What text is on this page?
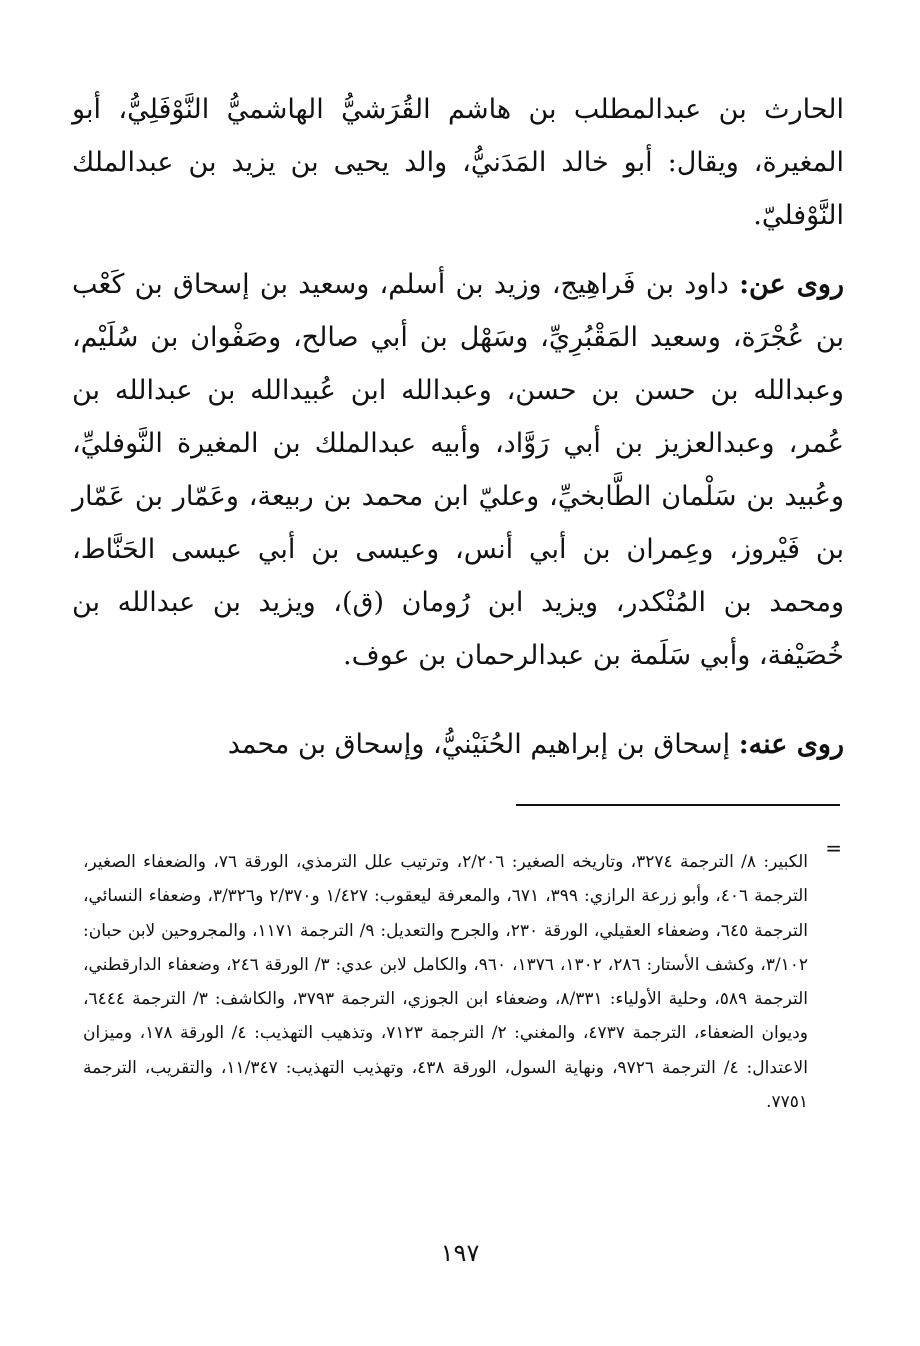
الحارث بن عبدالمطلب بن هاشم القُرَشيُّ الهاشميُّ النَّوْفَلِيُّ، أبو المغيرة، ويقال: أبو خالد المَدَنيُّ، والد يحيى بن يزيد بن عبدالملك النَّوْفليّ.

روى عن: داود بن فَراهِيج، وزيد بن أسلم، وسعيد بن إسحاق بن كَعْب بن عُجْرَة، وسعيد المَقْبُرِيِّ، وسَهْل بن أبي صالح، وصَفْوان بن سُلَيْم، وعبدالله بن حسن بن حسن، وعبدالله ابن عُبيدالله بن عبدالله بن عُمر، وعبدالعزيز بن أبي رَوَّاد، وأبيه عبدالملك بن المغيرة النَّوفليِّ، وعُبيد بن سَلْمان الطَّابخيِّ، وعليّ ابن محمد بن ربيعة، وعَمّار بن عَمّار بن فَيْروز، وعِمران بن أبي أنس، وعيسى بن أبي عيسى الحَنَّاط، ومحمد بن المُنْكدر، ويزيد ابن رُومان (ق)، ويزيد بن عبدالله بن خُصَيْفة، وأبي سَلَمة بن عبدالرحمان بن عوف.

روى عنه: إسحاق بن إبراهيم الحُنَيْنيُّ، وإسحاق بن محمد

=

الكبير: ٨/ الترجمة ٣٢٧٤، وتاريخه الصغير: ٢/٢٠٦، وترتيب علل الترمذي، الورقة ٧٦، والضعفاء الصغير، الترجمة ٤٠٦، وأبو زرعة الرازي: ٣٩٩، ٦٧١، والمعرفة ليعقوب: ١/٤٢٧ و٢/٣٧٠ و٣/٣٢٦، وضعفاء النسائي، الترجمة ٦٤٥، وضعفاء العقيلي، الورقة ٢٣٠، والجرح والتعديل: ٩/ الترجمة ١١٧١، والمجروحين لابن حبان: ٣/١٠٢، وكشف الأستار: ٢٨٦، ١٣٠٢، ١٣٧٦، ٩٦٠، والكامل لابن عدي: ٣/ الورقة ٢٤٦، وضعفاء الدارقطني، الترجمة ٥٨٩، وحلية الأولياء: ٨/٣٣١، وضعفاء ابن الجوزي، الترجمة ٣٧٩٣، والكاشف: ٣/ الترجمة ٦٤٤٤، وديوان الضعفاء، الترجمة ٤٧٣٧، والمغني: ٢/ الترجمة ٧١٢٣، وتذهيب التهذيب: ٤/ الورقة ١٧٨، وميزان الاعتدال: ٤/ الترجمة ٩٧٢٦، ونهاية السول، الورقة ٤٣٨، وتهذيب التهذيب: ١١/٣٤٧، والتقريب، الترجمة ٧٧٥١.

١٩٧
